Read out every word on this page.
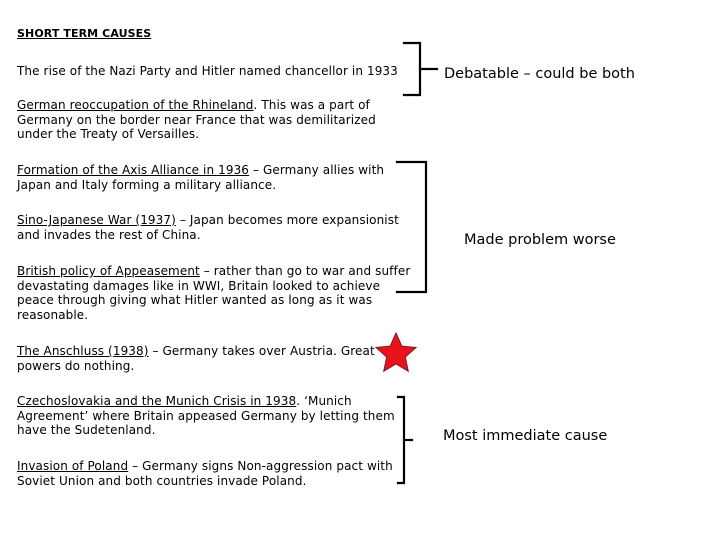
SHORT TERM CAUSES
The rise of the Nazi Party and Hitler named chancellor in 1933
German reoccupation of the Rhineland. This was a part of Germany on the border near France that was demilitarized under the Treaty of Versailles.
Formation of the Axis Alliance in 1936 – Germany allies with Japan and Italy forming a military alliance.
Sino-Japanese War (1937) – Japan becomes more expansionist and invades the rest of China.
British policy of Appeasement – rather than go to war and suffer devastating damages like in WWI, Britain looked to achieve peace through giving what Hitler wanted as long as it was reasonable.
The Anschluss (1938) – Germany takes over Austria. Great powers do nothing.
Czechoslovakia and the Munich Crisis in 1938. ‘Munich Agreement’ where Britain appeased Germany by letting them have the Sudetenland.
Invasion of Poland – Germany signs Non-aggression pact with Soviet Union and both countries invade Poland.
Debatable – could be both
Made problem worse
Most immediate cause
